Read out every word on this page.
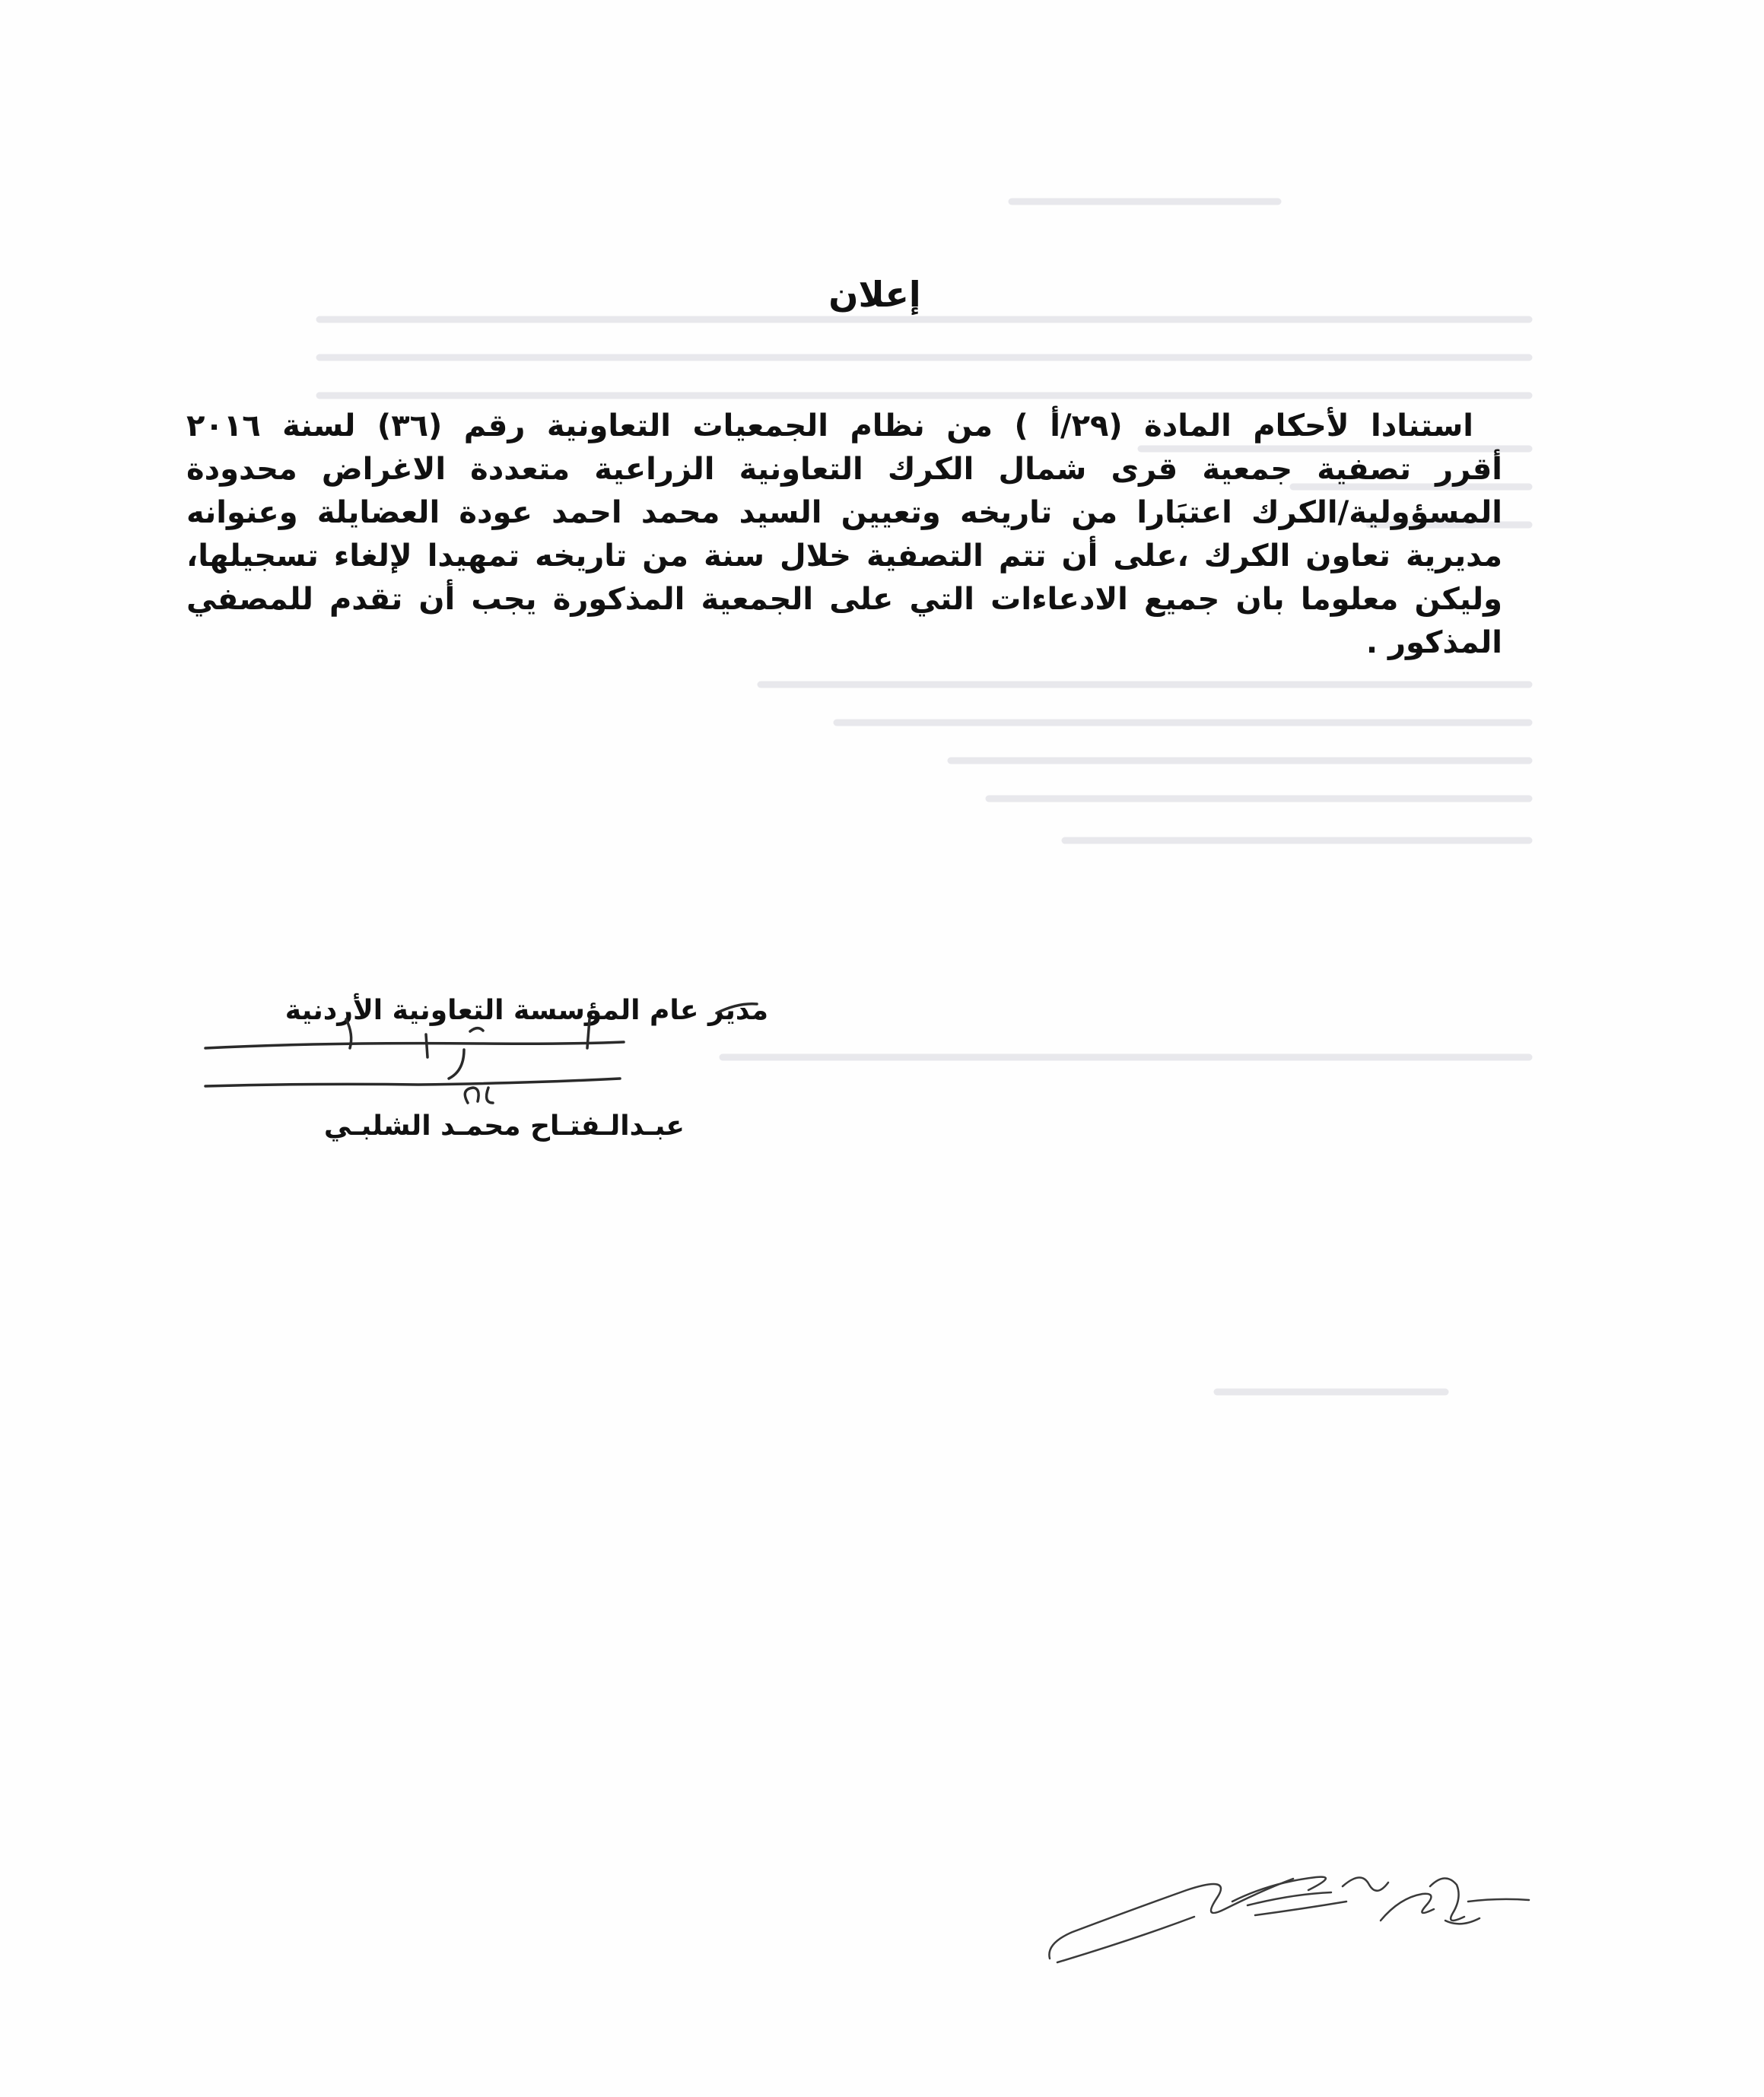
إعلان
استنادا لأحكام المادة (٢٩/أ ) من نظام الجمعيات التعاونية رقم (٣٦) لسنة ٢٠١٦
أقرر تصفية جمعية قرى شمال الكرك التعاونية الزراعية متعددة الاغراض محدودة
المسؤولية/الكرك اعتبَارا من تاريخه وتعيين السيد محمد احمد عودة العضايلة وعنوانه
مديرية تعاون الكرك ،على أن تتم التصفية خلال سنة من تاريخه تمهيدا لإلغاء تسجيلها،
وليكن معلوما بان جميع الادعاءات التي على الجمعية المذكورة يجب أن تقدم للمصفي
المذكور .
مدير عام المؤسسة التعاونية الأردنية
عبـدالـفتـاح محمـد الشلبـي
